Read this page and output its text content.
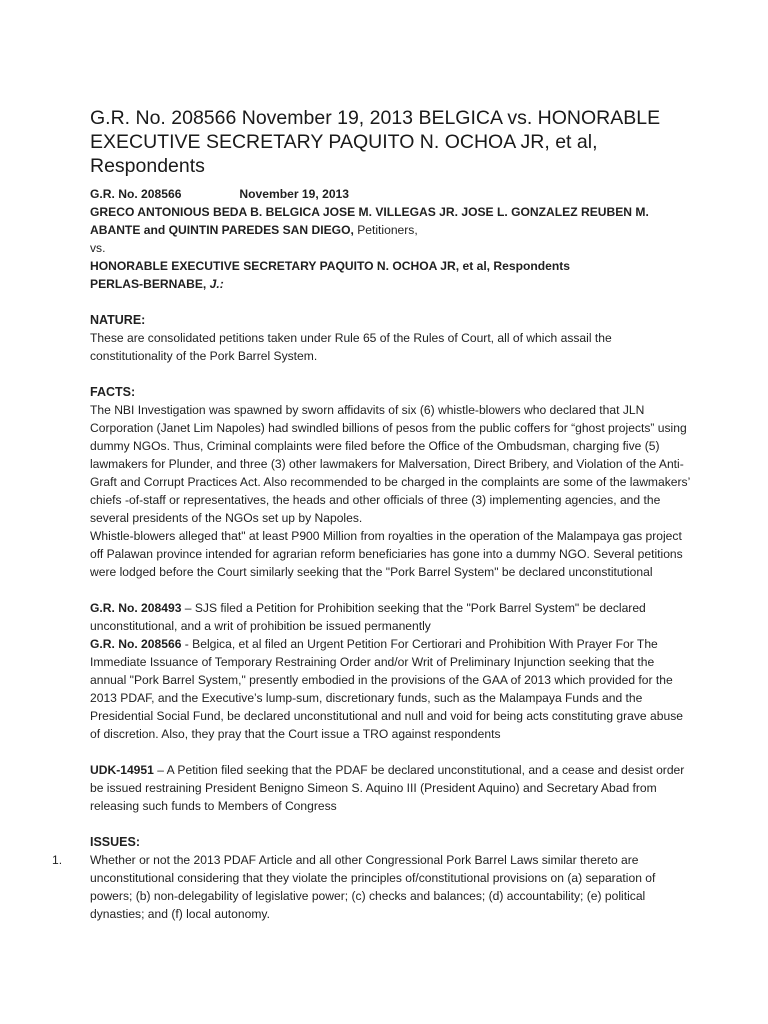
G.R. No. 208566 November 19, 2013 BELGICA vs. HONORABLE EXECUTIVE SECRETARY PAQUITO N. OCHOA JR, et al, Respondents

G.R. No. 208566	November 19, 2013

GRECO ANTONIOUS BEDA B. BELGICA JOSE M. VILLEGAS JR. JOSE L. GONZALEZ REUBEN M. ABANTE and QUINTIN PAREDES SAN DIEGO, Petitioners,

vs.

HONORABLE EXECUTIVE SECRETARY PAQUITO N. OCHOA JR, et al, Respondents

PERLAS-BERNABE, J.:

NATURE:

These are consolidated petitions taken under Rule 65 of the Rules of Court, all of which assail the constitutionality of the Pork Barrel System.

FACTS:

The NBI Investigation was spawned by sworn affidavits of six (6) whistle-blowers who declared that JLN Corporation (Janet Lim Napoles) had swindled billions of pesos from the public coffers for “ghost projects” using dummy NGOs. Thus, Criminal complaints were filed before the Office of the Ombudsman, charging five (5) lawmakers for Plunder, and three (3) other lawmakers for Malversation, Direct Bribery, and Violation of the Anti-Graft and Corrupt Practices Act. Also recommended to be charged in the complaints are some of the lawmakers’ chiefs -of-staff or representatives, the heads and other officials of three (3) implementing agencies, and the several presidents of the NGOs set up by Napoles.

Whistle-blowers alleged that" at least P900 Million from royalties in the operation of the Malampaya gas project off Palawan province intended for agrarian reform beneficiaries has gone into a dummy NGO. Several petitions were lodged before the Court similarly seeking that the "Pork Barrel System" be declared unconstitutional

G.R. No. 208493 – SJS filed a Petition for Prohibition seeking that the "Pork Barrel System" be declared unconstitutional, and a writ of prohibition be issued permanently

G.R. No. 208566 - Belgica, et al filed an Urgent Petition For Certiorari and Prohibition With Prayer For The Immediate Issuance of Temporary Restraining Order and/or Writ of Preliminary Injunction seeking that the annual "Pork Barrel System," presently embodied in the provisions of the GAA of 2013 which provided for the 2013 PDAF, and the Executive’s lump-sum, discretionary funds, such as the Malampaya Funds and the Presidential Social Fund, be declared unconstitutional and null and void for being acts constituting grave abuse of discretion. Also, they pray that the Court issue a TRO against respondents

UDK-14951 – A Petition filed seeking that the PDAF be declared unconstitutional, and a cease and desist order be issued restraining President Benigno Simeon S. Aquino III (President Aquino) and Secretary Abad from releasing such funds to Members of Congress

ISSUES:

1. Whether or not the 2013 PDAF Article and all other Congressional Pork Barrel Laws similar thereto are unconstitutional considering that they violate the principles of/constitutional provisions on (a) separation of powers; (b) non-delegability of legislative power; (c) checks and balances; (d) accountability; (e) political dynasties; and (f) local autonomy.
